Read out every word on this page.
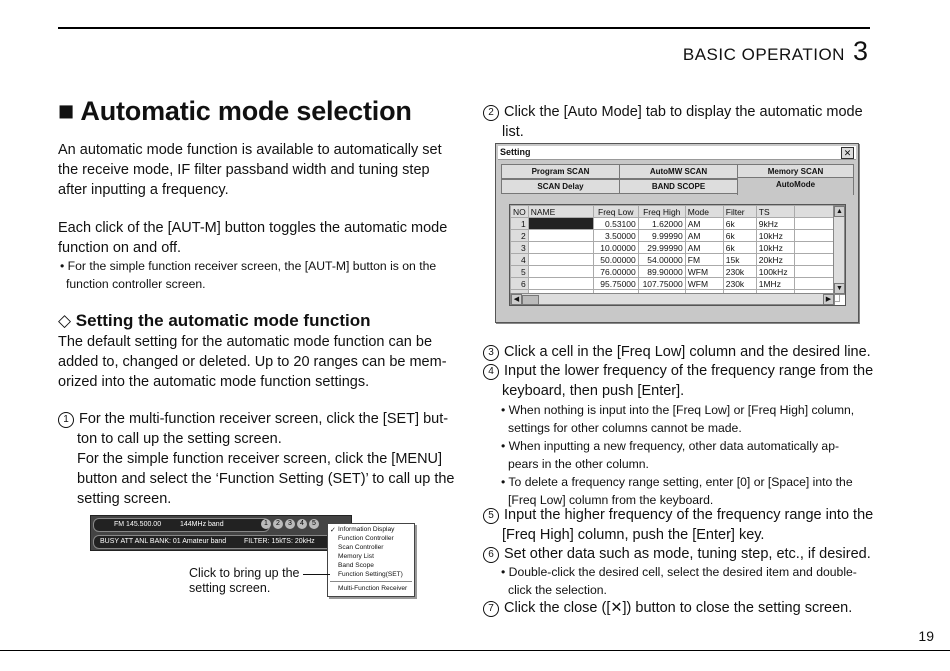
BASIC OPERATION 3
■ Automatic mode selection
An automatic mode function is available to automatically set
the receive mode, IF filter passband width and tuning step
after inputting a frequency.
Each click of the [AUT-M] button toggles the automatic mode
function on and off.
• For the simple function receiver screen, the [AUT-M] button is on the
function controller screen.
◇ Setting the automatic mode function
The default setting for the automatic mode function can be
added to, changed or deleted. Up to 20 ranges can be mem-
orized into the automatic mode function settings.
1 For the multi-function receiver screen, click the [SET] but-
ton to call up the setting screen.
For the simple function receiver screen, click the [MENU]
button and select the ‘Function Setting (SET)’ to call up the
setting screen.
FM 145.500.00	144MHz band	1	2	3	4	5
BUSY ATT ANL BANK: 01 Amateur band	FILTER: 15k TS: 20kHz
✓ Information Display
Function Controller
Scan Controller
Memory List
Band Scope
Function Setting(SET)
Multi-Function Receiver
Click to bring up the
setting screen.
2 Click the [Auto Mode] tab to display the automatic mode
list.
Setting	✕
Program SCAN	AutoMW SCAN	Memory SCAN
SCAN Delay	BAND SCOPE	AutoMode
NO	NAME	Freq Low	Freq High	Mode	Filter	TS	
1		0.53100	1.62000	AM	6k	9kHz	
2		3.50000	9.99990	AM	6k	10kHz	
3		10.00000	29.99990	AM	6k	10kHz	
4		50.00000	54.00000	FM	15k	20kHz	
5		76.00000	89.90000	WFM	230k	100kHz	
6		95.75000	107.75000	WFM	230k	1MHz	

▲
▼
◀	▶
3 Click a cell in the [Freq Low] column and the desired line.
4 Input the lower frequency of the frequency range from the
keyboard, then push [Enter].
• When nothing is input into the [Freq Low] or [Freq High] column,
settings for other columns cannot be made.
• When inputting a new frequency, other data automatically ap-
pears in the other column.
• To delete a frequency range setting, enter [0] or [Space] into the
[Freq Low] column from the keyboard.
5 Input the higher frequency of the frequency range into the
[Freq High] column, push the [Enter] key.
6 Set other data such as mode, tuning step, etc., if desired.
• Double-click the desired cell, select the desired item and double-
click the selection.
7 Click the close ([✕]) button to close the setting screen.
19
